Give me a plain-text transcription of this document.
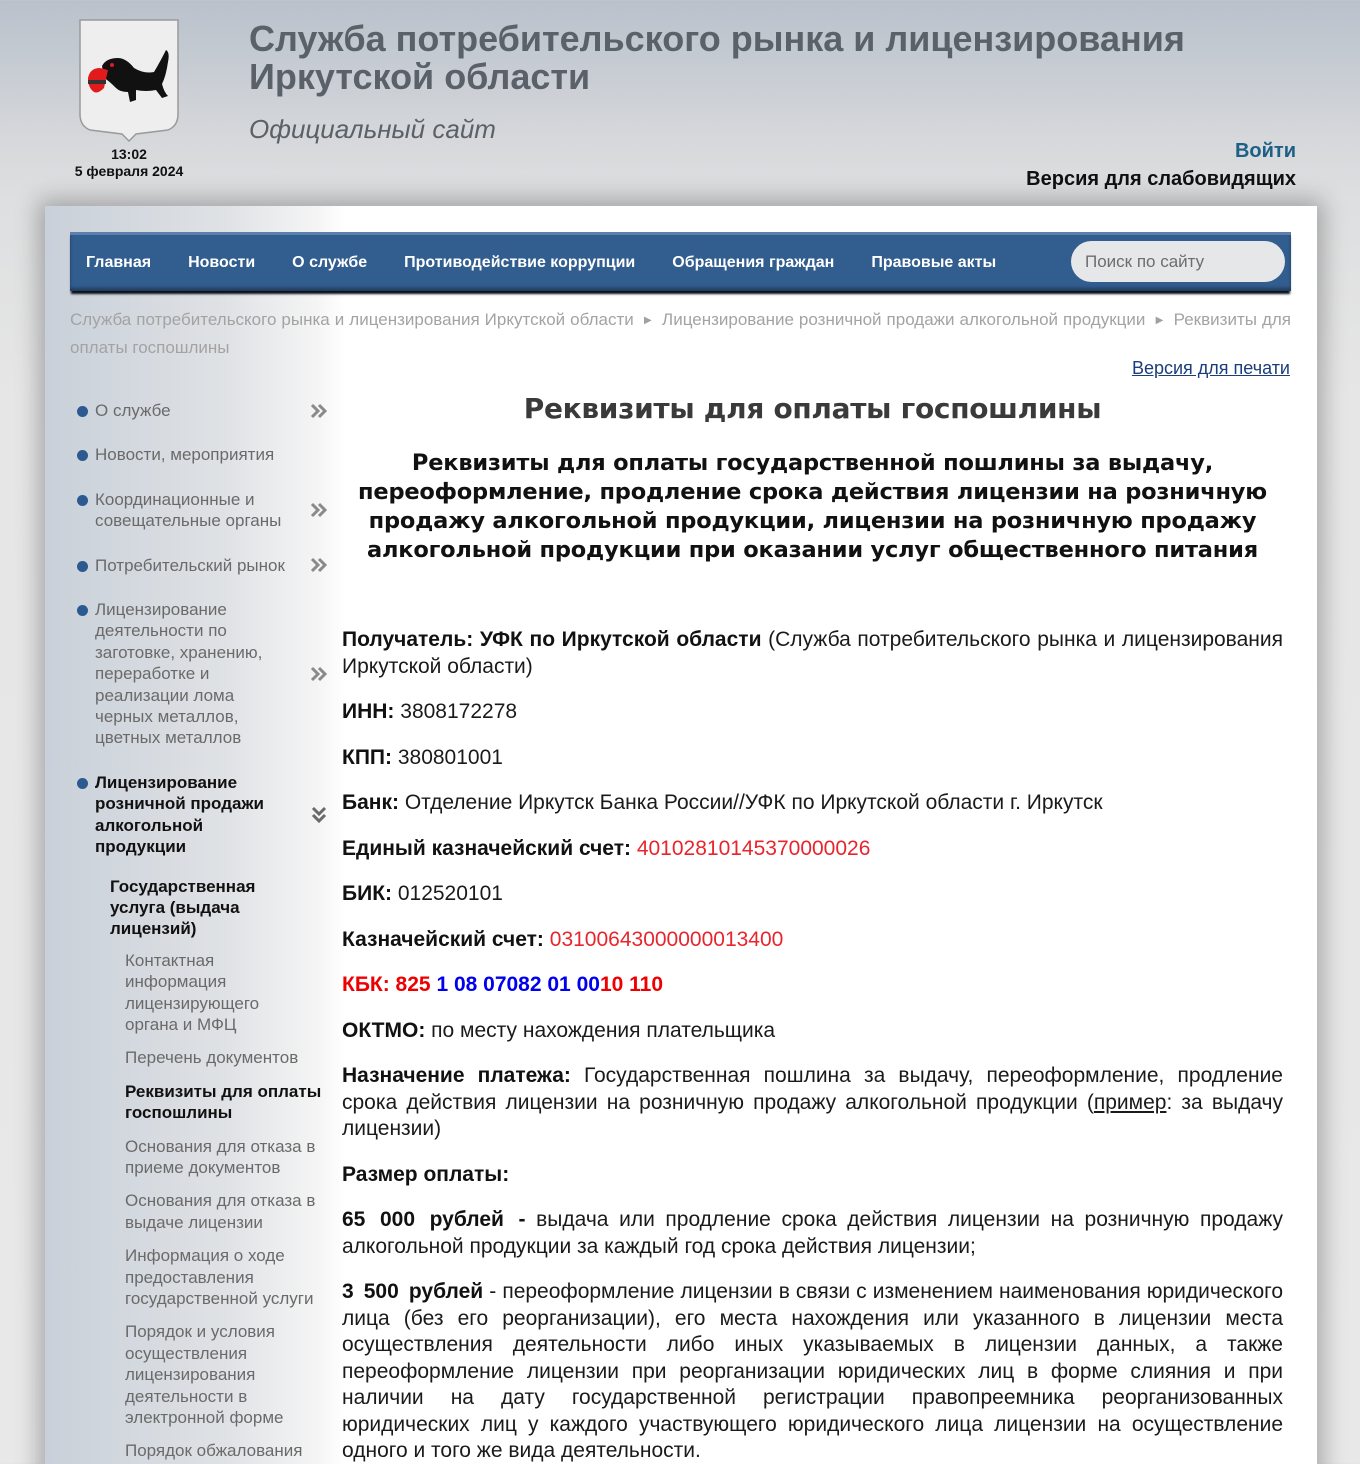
13:02
5 февраля 2024
Служба потребительского рынка и лицензирования Иркутской области
Официальный сайт
Войти
Версия для слабовидящих
Главная Новости О службе Противодействие коррупции Обращения граждан Правовые акты
Поиск по сайту
Служба потребительского рынка и лицензирования Иркутской области ▶ Лицензирование розничной продажи алкогольной продукции ▶ Реквизиты для оплаты госпошлины
Версия для печати
О службе
Новости, мероприятия
Координационные и совещательные органы
Потребительский рынок
Лицензирование деятельности по заготовке, хранению, переработке и реализации лома черных металлов, цветных металлов
Лицензирование розничной продажи алкогольной продукции
Государственная услуга (выдача лицензий)
Контактная информация лицензирующего органа и МФЦ
Перечень документов
Реквизиты для оплаты госпошлины
Основания для отказа в приеме документов
Основания для отказа в выдаче лицензии
Информация о ходе предоставления государственной услуги
Порядок и условия осуществления лицензирования деятельности в электронной форме
Порядок обжалования
Реквизиты для оплаты госпошлины
Реквизиты для оплаты государственной пошлины за выдачу, переоформление, продление срока действия лицензии на розничную продажу алкогольной продукции, лицензии на розничную продажу алкогольной продукции при оказании услуг общественного питания

Получатель: УФК по Иркутской области (Служба потребительского рынка и лицензирования Иркутской области)

ИНН: 3808172278

КПП: 380801001

Банк: Отделение Иркутск Банка России//УФК по Иркутской области г. Иркутск

Единый казначейский счет: 40102810145370000026

БИК: 012520101

Казначейский счет: 03100643000000013400

КБК: 825 1 08 07082 01 0010 110

ОКТМО: по месту нахождения плательщика

Назначение платежа: Государственная пошлина за выдачу, переоформление, продление срока действия лицензии на розничную продажу алкогольной продукции (пример: за выдачу лицензии)

Размер оплаты:

65 000 рублей - выдача или продление срока действия лицензии на розничную продажу алкогольной продукции за каждый год срока действия лицензии;

3 500 рублей - переоформление лицензии в связи с изменением наименования юридического лица (без его реорганизации), его места нахождения или указанного в лицензии места осуществления деятельности либо иных указываемых в лицензии данных, а также переоформление лицензии при реорганизации юридических лиц в форме слияния и при наличии на дату государственной регистрации правопреемника реорганизованных юридических лиц у каждого участвующего юридического лица лицензии на осуществление одного и того же вида деятельности.
